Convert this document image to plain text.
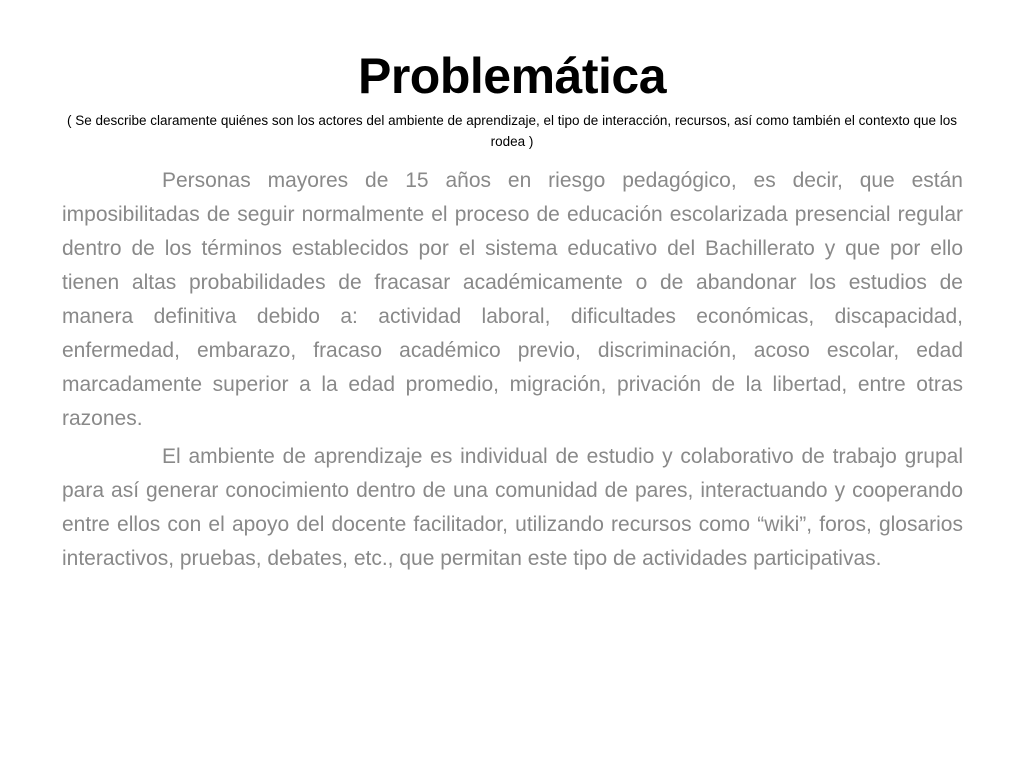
Problemática

( Se describe claramente quiénes son los actores del ambiente de aprendizaje, el tipo de interacción, recursos, así como también el contexto que los rodea )

Personas mayores de 15 años en riesgo pedagógico, es decir, que están imposibilitadas de seguir normalmente el proceso de educación escolarizada presencial regular dentro de los términos establecidos por el sistema educativo del Bachillerato y que por ello tienen altas probabilidades de fracasar académicamente o de abandonar los estudios de manera definitiva debido a: actividad laboral, dificultades económicas, discapacidad, enfermedad, embarazo, fracaso académico previo, discriminación, acoso escolar, edad marcadamente superior a la edad promedio, migración, privación de la libertad, entre otras razones.

El ambiente de aprendizaje es individual de estudio y colaborativo de trabajo grupal para así generar conocimiento dentro de una comunidad de pares, interactuando y cooperando entre ellos con el apoyo del docente facilitador, utilizando recursos como “wiki”, foros, glosarios interactivos, pruebas, debates, etc., que permitan este tipo de actividades participativas.
